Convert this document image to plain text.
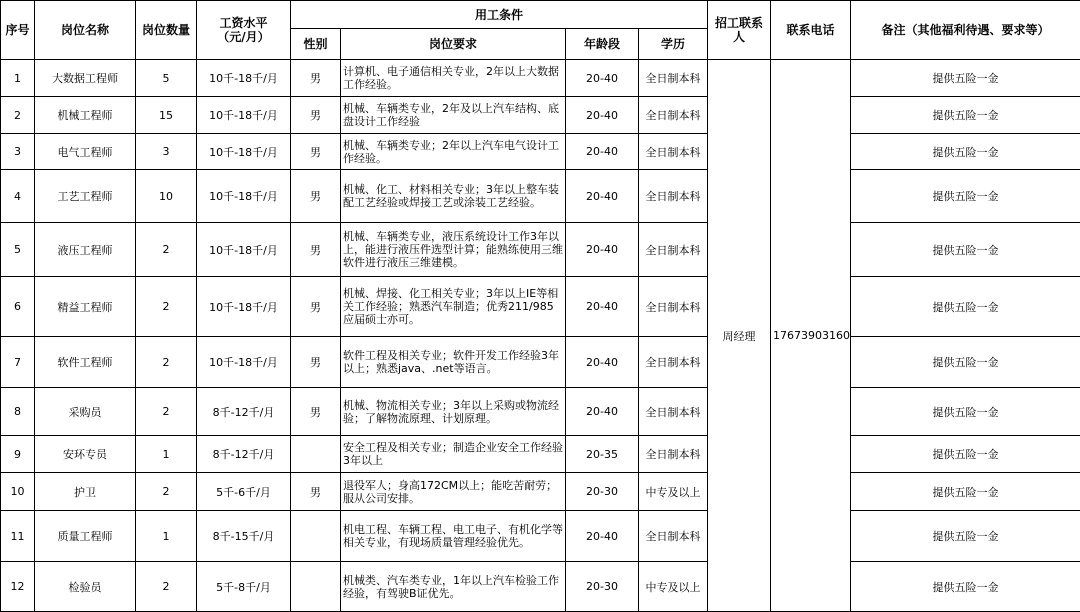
序号	岗位名称	岗位数量	工资水平
（元/月）	用工条件				招工联系人	联系电话	备注（其他福利待遇、要求等）
				性别	岗位要求	年龄段	学历			
1	大数据工程师	5	10千-18千/月	男	计算机、电子通信相关专业，2年以上大数据工作经验。	20-40	全日制本科	周经理	17673903160	提供五险一金
2	机械工程师	15	10千-18千/月	男	机械、车辆类专业，2年及以上汽车结构、底盘设计工作经验	20-40	全日制本科			提供五险一金
3	电气工程师	3	10千-18千/月	男	机械、车辆类专业；2年以上汽车电气设计工作经验。	20-40	全日制本科			提供五险一金
4	工艺工程师	10	10千-18千/月	男	机械、化工、材料相关专业；3年以上整车装配工艺经验或焊接工艺或涂装工艺经验。	20-40	全日制本科			提供五险一金
5	液压工程师	2	10千-18千/月	男	机械、车辆类专业，液压系统设计工作3年以上，能进行液压件选型计算；能熟练使用三维软件进行液压三维建模。	20-40	全日制本科			提供五险一金
6	精益工程师	2	10千-18千/月	男	机械、焊接、化工相关专业；3年以上IE等相关工作经验；熟悉汽车制造；优秀211/985应届硕士亦可。	20-40	全日制本科			提供五险一金
7	软件工程师	2	10千-18千/月	男	软件工程及相关专业；软件开发工作经验3年以上；熟悉java、.net等语言。	20-40	全日制本科			提供五险一金
8	采购员	2	8千-12千/月	男	机械、物流相关专业；3年以上采购或物流经验；了解物流原理、计划原理。	20-40	全日制本科			提供五险一金
9	安环专员	1	8千-12千/月		安全工程及相关专业；制造企业安全工作经验3年以上	20-35	全日制本科			提供五险一金
10	护卫	2	5千-6千/月	男	退役军人；身高172CM以上；能吃苦耐劳；服从公司安排。	20-30	中专及以上			提供五险一金
11	质量工程师	1	8千-15千/月		机电工程、车辆工程、电工电子、有机化学等相关专业，有现场质量管理经验优先。	20-40	全日制本科			提供五险一金
12	检验员	2	5千-8千/月		机械类、汽车类专业，1年以上汽车检验工作经验，有驾驶B证优先。	20-30	中专及以上			提供五险一金
